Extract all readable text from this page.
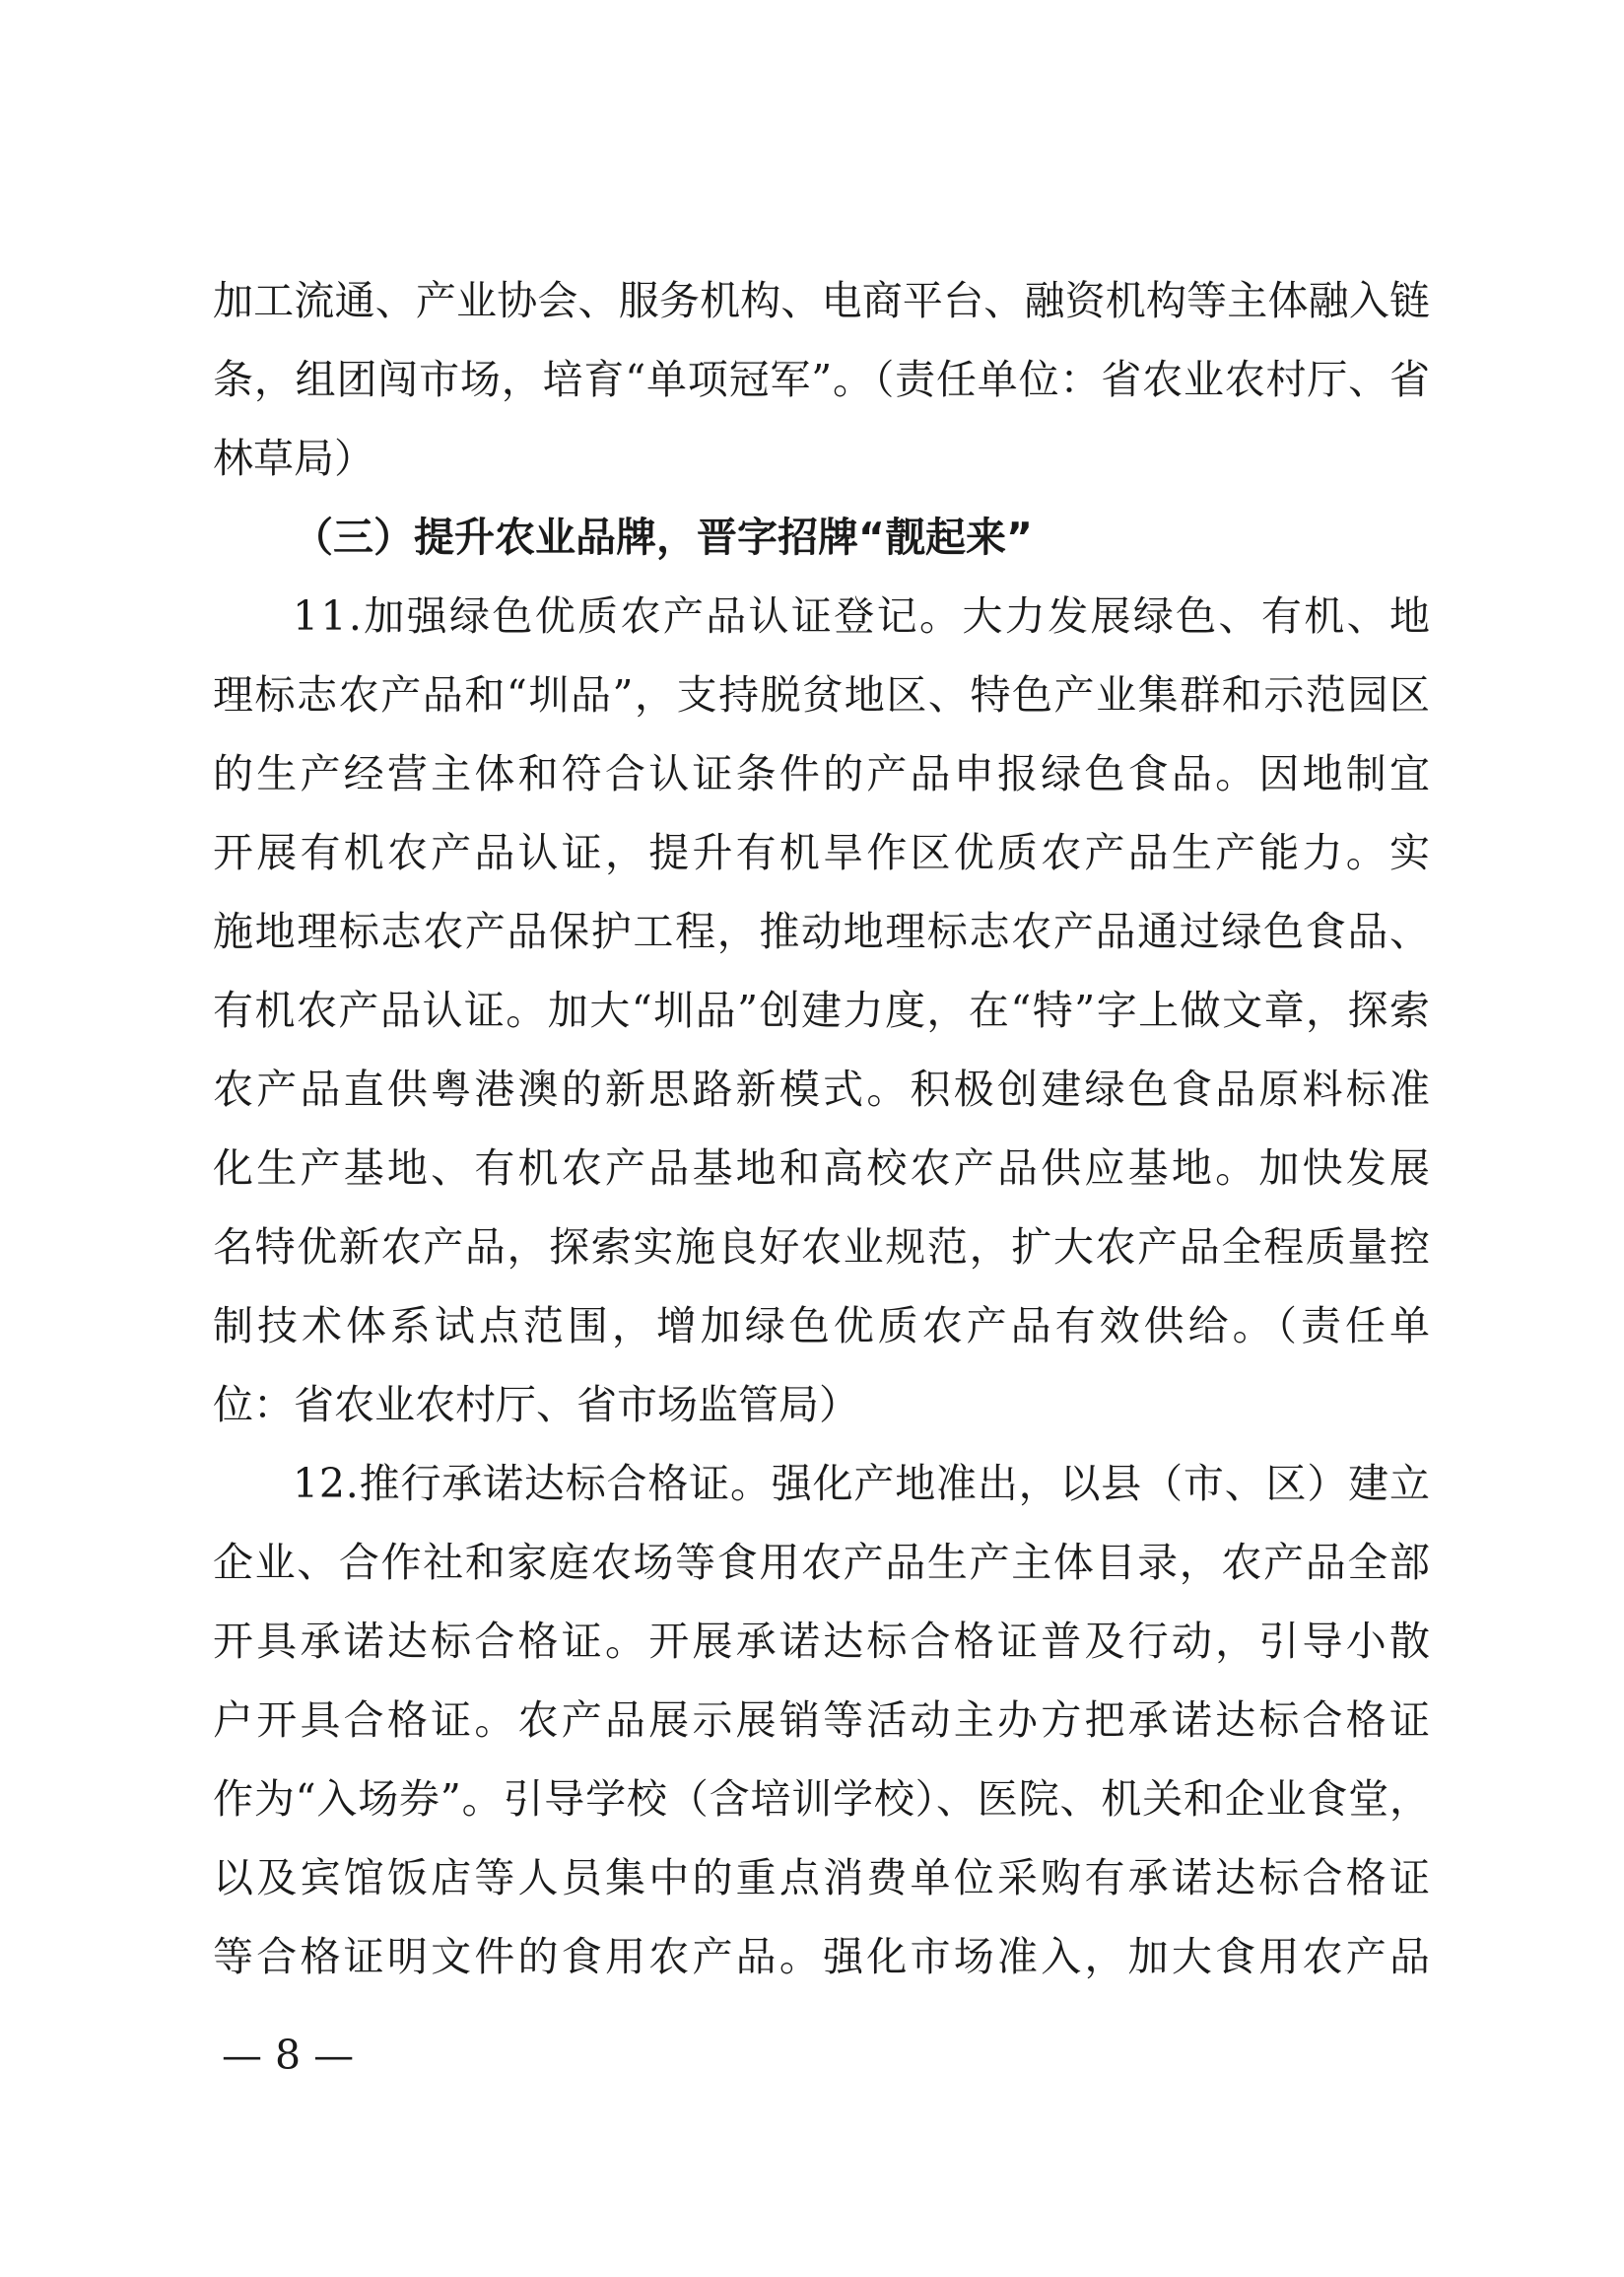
加工流通、产业协会、服务机构、电商平台、融资机构等主体融入链
条，组团闯市场，培育“单项冠军”。（责任单位：省农业农村厅、省
林草局）
（三）提升农业品牌，晋字招牌“靓起来”
11.加强绿色优质农产品认证登记。大力发展绿色、有机、地
理标志农产品和“圳品”，支持脱贫地区、特色产业集群和示范园区
的生产经营主体和符合认证条件的产品申报绿色食品。因地制宜
开展有机农产品认证，提升有机旱作区优质农产品生产能力。实
施地理标志农产品保护工程，推动地理标志农产品通过绿色食品、
有机农产品认证。加大“圳品”创建力度，在“特”字上做文章，探索
农产品直供粤港澳的新思路新模式。积极创建绿色食品原料标准
化生产基地、有机农产品基地和高校农产品供应基地。加快发展
名特优新农产品，探索实施良好农业规范，扩大农产品全程质量控
制技术体系试点范围，增加绿色优质农产品有效供给。（责任单
位：省农业农村厅、省市场监管局）
12.推行承诺达标合格证。强化产地准出，以县（市、区）建立
企业、合作社和家庭农场等食用农产品生产主体目录，农产品全部
开具承诺达标合格证。开展承诺达标合格证普及行动，引导小散
户开具合格证。农产品展示展销等活动主办方把承诺达标合格证
作为“入场券”。引导学校（含培训学校）、医院、机关和企业食堂，
以及宾馆饭店等人员集中的重点消费单位采购有承诺达标合格证
等合格证明文件的食用农产品。强化市场准入，加大食用农产品
— 8 —
